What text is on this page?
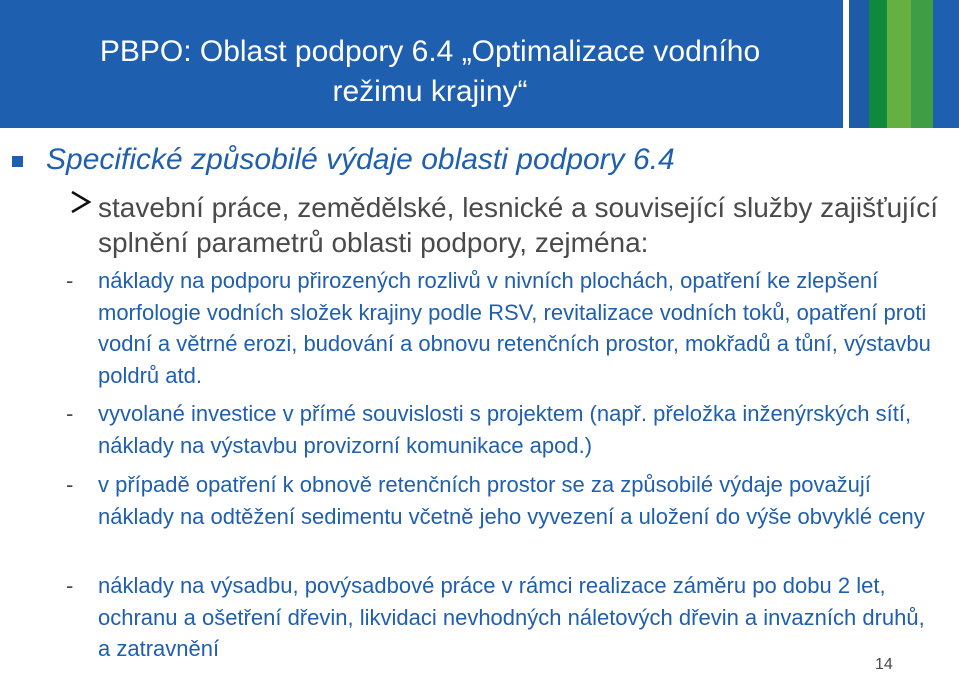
PBPO: Oblast podpory 6.4 „Optimalizace vodního
režimu krajiny“
Specifické způsobilé výdaje oblasti podpory 6.4
stavební práce, zemědělské, lesnické a související služby zajišťující splnění parametrů oblasti podpory, zejména:
- náklady na podporu přirozených rozlivů v nivních plochách, opatření ke zlepšení morfologie vodních složek krajiny podle RSV, revitalizace vodních toků, opatření proti vodní a větrné erozi, budování a obnovu retenčních prostor, mokřadů a tůní, výstavbu poldrů atd.
- vyvolané investice v přímé souvislosti s projektem (např. přeložka inženýrských sítí, náklady na výstavbu provizorní komunikace apod.)
- v případě opatření k obnově retenčních prostor se za způsobilé výdaje považují náklady na odtěžení sedimentu včetně jeho vyvezení a uložení do výše obvyklé ceny
- náklady na výsadbu, povýsadbové práce v rámci realizace záměru po dobu 2 let, ochranu a ošetření dřevin, likvidaci nevhodných náletových dřevin a invazních druhů, a zatravnění
14
